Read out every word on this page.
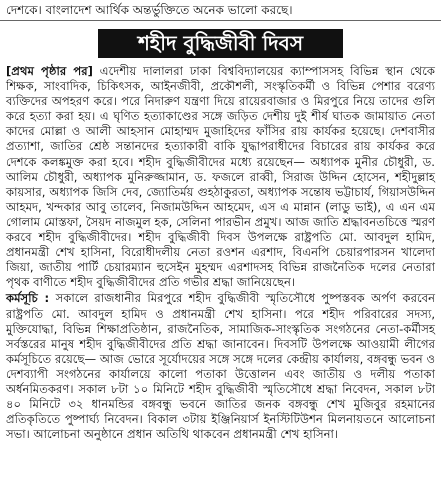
দেশকে। বাংলাদেশ আর্থিক অন্তর্ভুক্তিতে অনেক ভালো করছে।
শহীদ বুদ্ধিজীবী দিবস

[প্রথম পৃষ্ঠার পর] এদেশীয় দালালরা ঢাকা বিশ্ববিদ্যালয়ের ক্যাম্পাসসহ বিভিন্ন স্থান থেকে শিক্ষক, সাংবাদিক, চিকিৎসক, আইনজীবী, প্রকৌশলী, সংস্কৃতিকর্মী ও বিভিন্ন পেশার বরেণ্য ব্যক্তিদের অপহরণ করে। পরে নিদারুণ যন্ত্রণা দিয়ে রায়েরবাজার ও মিরপুরে নিয়ে তাদের গুলি করে হত্যা করা হয়। এ ঘৃণিত হত্যাকাণ্ডের সঙ্গে জড়িত দেশীয় দুই শীর্ষ ঘাতক জামায়াত নেতা কাদের মোল্লা ও আলী আহসান মোহাম্মদ মুজাহিদের ফাঁসির রায় কার্যকর হয়েছে। দেশবাসীর প্রত্যাশা, জাতির শ্রেষ্ঠ সন্তানদের হত্যাকারী বাকি যুদ্ধাপরাধীদের বিচারের রায় কার্যকর করে দেশকে কলঙ্কমুক্ত করা হবে। শহীদ বুদ্ধিজীবীদের মধ্যে রয়েছেন— অধ্যাপক মুনীর চৌধুরী, ড. আলিম চৌধুরী, অধ্যাপক মুনিরুজ্জামান, ড. ফজলে রাব্বী, সিরাজ উদ্দিন হোসেন, শহীদুল্লাহ কায়সার, অধ্যাপক জিসি দেব, জ্যোতির্ময় গুহঠাকুরতা, অধ্যাপক সন্তোষ ভট্টাচার্য, গিয়াসউদ্দিন আহমদ, খন্দকার আবু তালেব, নিজামউদ্দিন আহমেদ, এস এ মান্নান (লাডু ভাই), এ এন এম গোলাম মোস্তফা, সৈয়দ নাজমুল হক, সেলিনা পারভীন প্রমুখ। আজ জাতি শ্রদ্ধাবনতচিত্তে স্মরণ করবে শহীদ বুদ্ধিজীবীদের। শহীদ বুদ্ধিজীবী দিবস উপলক্ষে রাষ্ট্রপতি মো. আবদুল হামিদ, প্রধানমন্ত্রী শেখ হাসিনা, বিরোধীদলীয় নেতা রওশন এরশাদ, বিএনপি চেয়ারপারসন খালেদা জিয়া, জাতীয় পার্টি চেয়ারম্যান হুসেইন মুহম্মদ এরশাদসহ বিভিন্ন রাজনৈতিক দলের নেতারা পৃথক বাণীতে শহীদ বুদ্ধিজীবীদের প্রতি গভীর শ্রদ্ধা জানিয়েছেন।

কর্মসূচি : সকালে রাজধানীর মিরপুরে শহীদ বুদ্ধিজীবী স্মৃতিসৌধে পুষ্পস্তবক অর্পণ করবেন রাষ্ট্রপতি মো. আবদুল হামিদ ও প্রধানমন্ত্রী শেখ হাসিনা। পরে শহীদ পরিবারের সদস্য, মুক্তিযোদ্ধা, বিভিন্ন শিক্ষাপ্রতিষ্ঠান, রাজনৈতিক, সামাজিক-সাংস্কৃতিক সংগঠনের নেতা-কর্মীসহ সর্বস্তরের মানুষ শহীদ বুদ্ধিজীবীদের প্রতি শ্রদ্ধা জানাবেন। দিবসটি উপলক্ষে আওয়ামী লীগের কর্মসূচিতে রয়েছে— আজ ভোরে সূর্যোদয়ের সঙ্গে সঙ্গে দলের কেন্দ্রীয় কার্যালয়, বঙ্গবন্ধু ভবন ও দেশব্যাপী সংগঠনের কার্যালয়ে কালো পতাকা উত্তোলন এবং জাতীয় ও দলীয় পতাকা অর্ধনমিতকরণ। সকাল ৮টা ১০ মিনিটে শহীদ বুদ্ধিজীবী স্মৃতিসৌধে শ্রদ্ধা নিবেদন, সকাল ৮টা ৪০ মিনিটে ৩২ ধানমন্ডির বঙ্গবন্ধু ভবনে জাতির জনক বঙ্গবন্ধু শেখ মুজিবুর রহমানের প্রতিকৃতিতে পুষ্পার্ঘ্য নিবেদন। বিকাল ৩টায় ইঞ্জিনিয়ার্স ইনস্টিটিউশন মিলনায়তনে আলোচনা সভা। আলোচনা অনুষ্ঠানে প্রধান অতিথি থাকবেন প্রধানমন্ত্রী শেখ হাসিনা।
